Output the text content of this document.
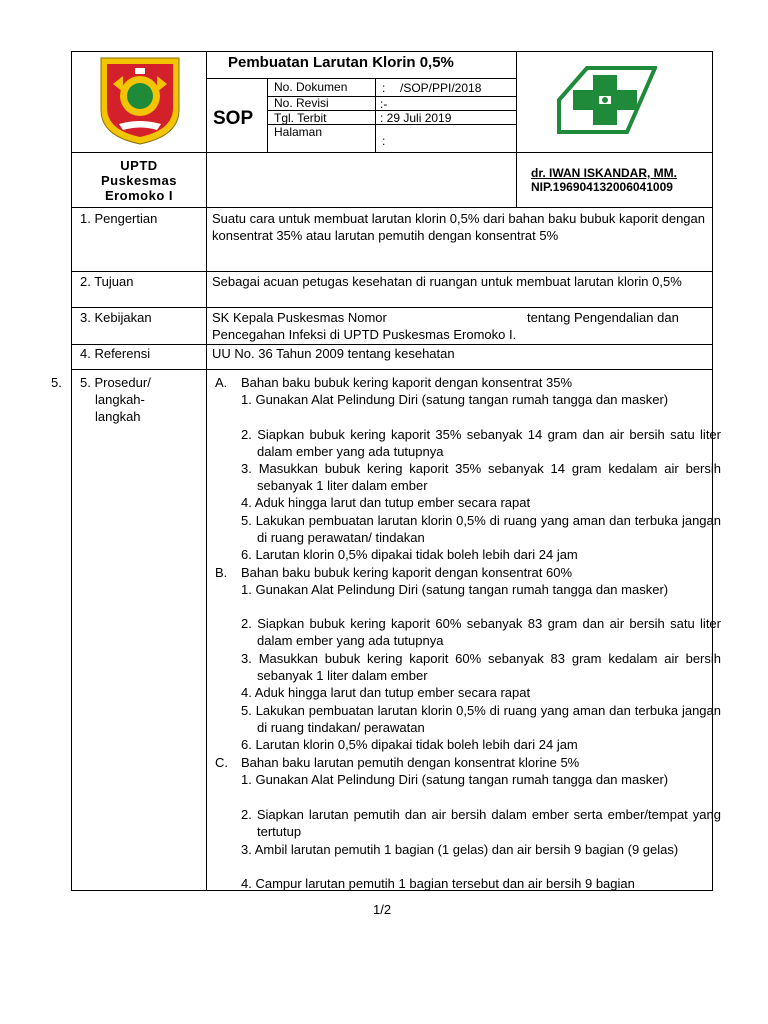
Pembuatan Larutan Klorin 0,5%
SOP
No. Dokumen	: /SOP/PPI/2018
No. Revisi	:-
Tgl. Terbit	: 29 Juli 2019
Halaman
:
UPTD
Puskesmas
Eromoko I
dr. IWAN ISKANDAR, MM.
NIP.196904132006041009
1. Pengertian	Suatu cara untuk membuat larutan klorin 0,5% dari bahan baku bubuk kaporit dengan konsentrat 35% atau larutan pemutih dengan konsentrat 5%
2. Tujuan	Sebagai acuan petugas kesehatan di ruangan untuk membuat larutan klorin 0,5%
3. Kebijakan	SK Kepala Puskesmas Nomor	tentang Pengendalian dan
Pencegahan Infeksi di UPTD Puskesmas Eromoko I.
4. Referensi	UU No. 36 Tahun 2009 tentang kesehatan
5. 5. Prosedur/
langkah-
langkah
A. Bahan baku bubuk kering kaporit dengan konsentrat 35%
1. Gunakan Alat Pelindung Diri (satung tangan rumah tangga dan masker)
2. Siapkan bubuk kering kaporit 35% sebanyak 14 gram dan air bersih satu liter dalam ember yang ada tutupnya
3. Masukkan bubuk kering kaporit 35% sebanyak 14 gram kedalam air bersih sebanyak 1 liter dalam ember
4. Aduk hingga larut dan tutup ember secara rapat
5. Lakukan pembuatan larutan klorin 0,5% di ruang yang aman dan terbuka jangan di ruang perawatan/ tindakan
6. Larutan klorin 0,5% dipakai tidak boleh lebih dari 24 jam
B. Bahan baku bubuk kering kaporit dengan konsentrat 60%
1. Gunakan Alat Pelindung Diri (satung tangan rumah tangga dan masker)
2. Siapkan bubuk kering kaporit 60% sebanyak 83 gram dan air bersih satu liter dalam ember yang ada tutupnya
3. Masukkan bubuk kering kaporit 60% sebanyak 83 gram kedalam air bersih sebanyak 1 liter dalam ember
4. Aduk hingga larut dan tutup ember secara rapat
5. Lakukan pembuatan larutan klorin 0,5% di ruang yang aman dan terbuka jangan di ruang tindakan/ perawatan
6. Larutan klorin 0,5% dipakai tidak boleh lebih dari 24 jam
C. Bahan baku larutan pemutih dengan konsentrat klorine 5%
1. Gunakan Alat Pelindung Diri (satung tangan rumah tangga dan masker)
2. Siapkan larutan pemutih dan air bersih dalam ember serta ember/tempat yang tertutup
3. Ambil larutan pemutih 1 bagian (1 gelas) dan air bersih 9 bagian (9 gelas)
4. Campur larutan pemutih 1 bagian tersebut dan air bersih 9 bagian
1/2
